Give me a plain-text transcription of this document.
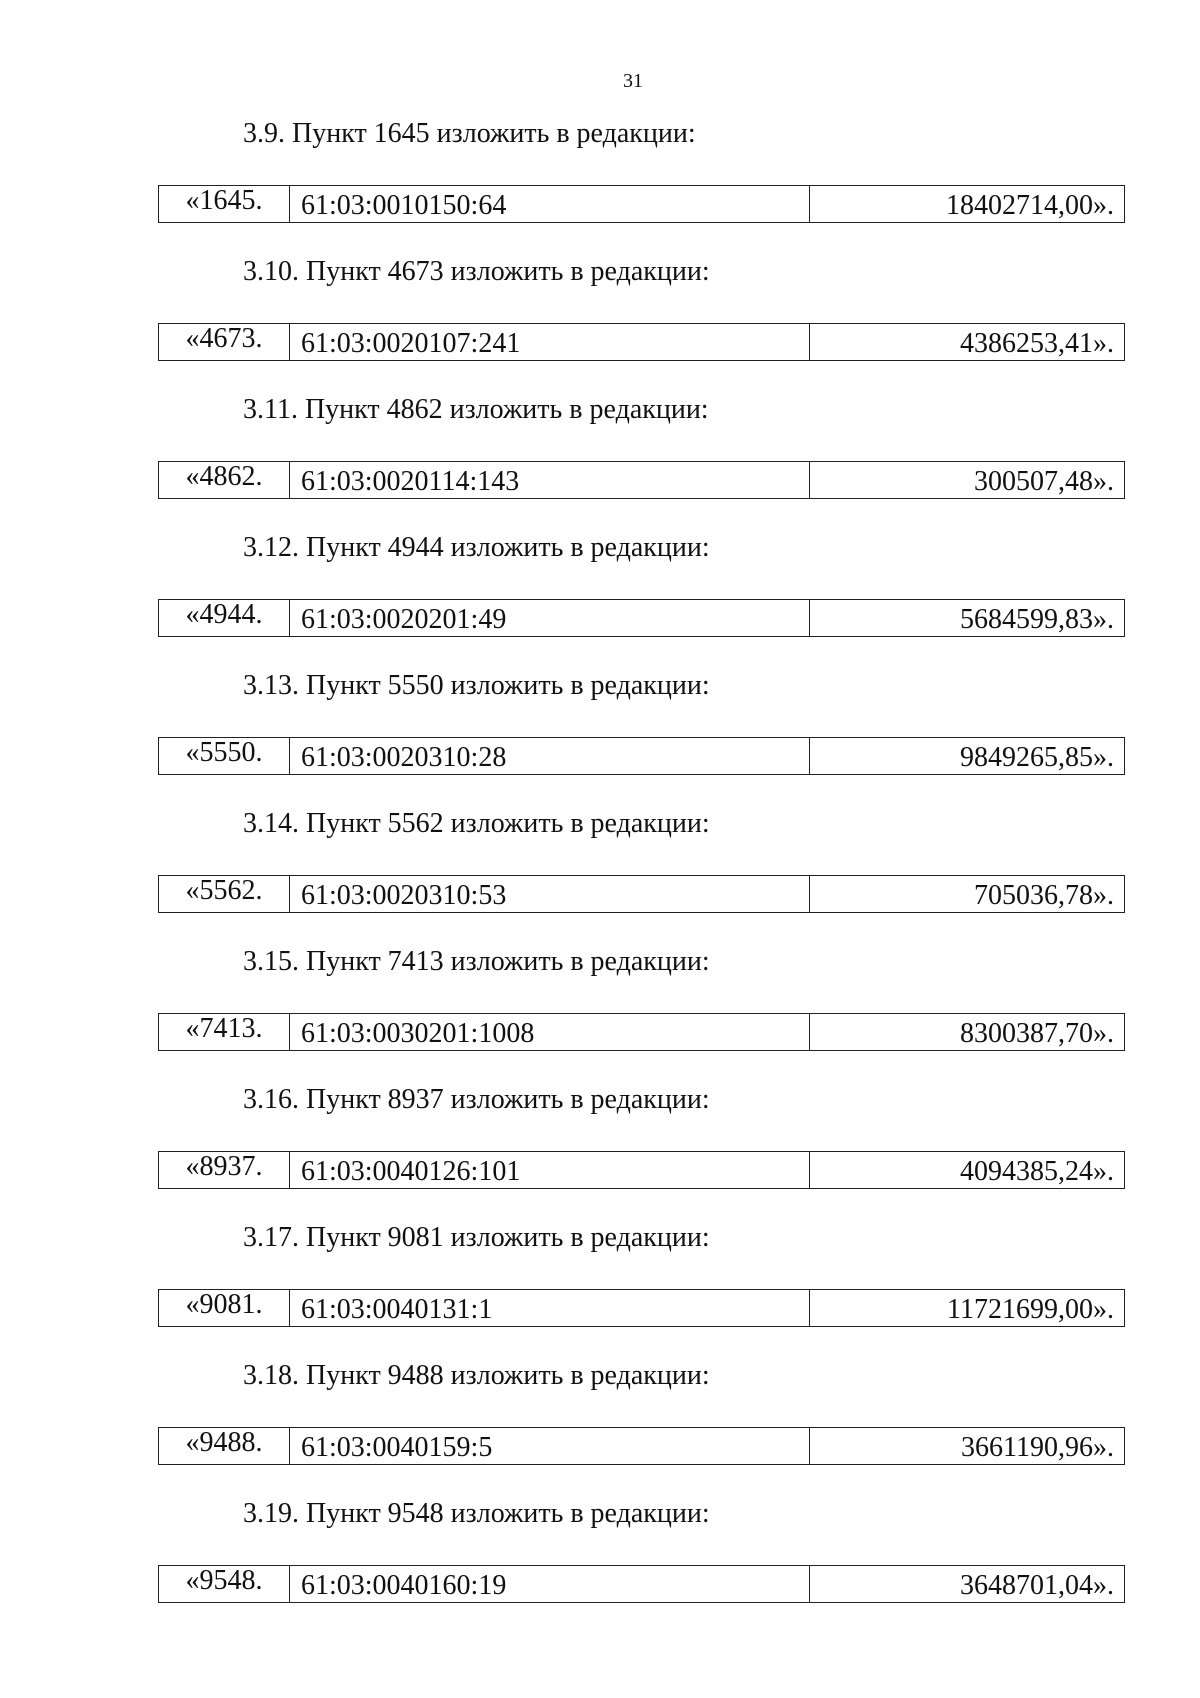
31
3.9. Пункт 1645 изложить в редакции:
«1645.	61:03:0010150:64	18402714,00».
3.10. Пункт 4673 изложить в редакции:
«4673.	61:03:0020107:241	4386253,41».
3.11. Пункт 4862 изложить в редакции:
«4862.	61:03:0020114:143	300507,48».
3.12. Пункт 4944 изложить в редакции:
«4944.	61:03:0020201:49	5684599,83».
3.13. Пункт 5550 изложить в редакции:
«5550.	61:03:0020310:28	9849265,85».
3.14. Пункт 5562 изложить в редакции:
«5562.	61:03:0020310:53	705036,78».
3.15. Пункт 7413 изложить в редакции:
«7413.	61:03:0030201:1008	8300387,70».
3.16. Пункт 8937 изложить в редакции:
«8937.	61:03:0040126:101	4094385,24».
3.17. Пункт 9081 изложить в редакции:
«9081.	61:03:0040131:1	11721699,00».
3.18. Пункт 9488 изложить в редакции:
«9488.	61:03:0040159:5	3661190,96».
3.19. Пункт 9548 изложить в редакции:
«9548.	61:03:0040160:19	3648701,04».
